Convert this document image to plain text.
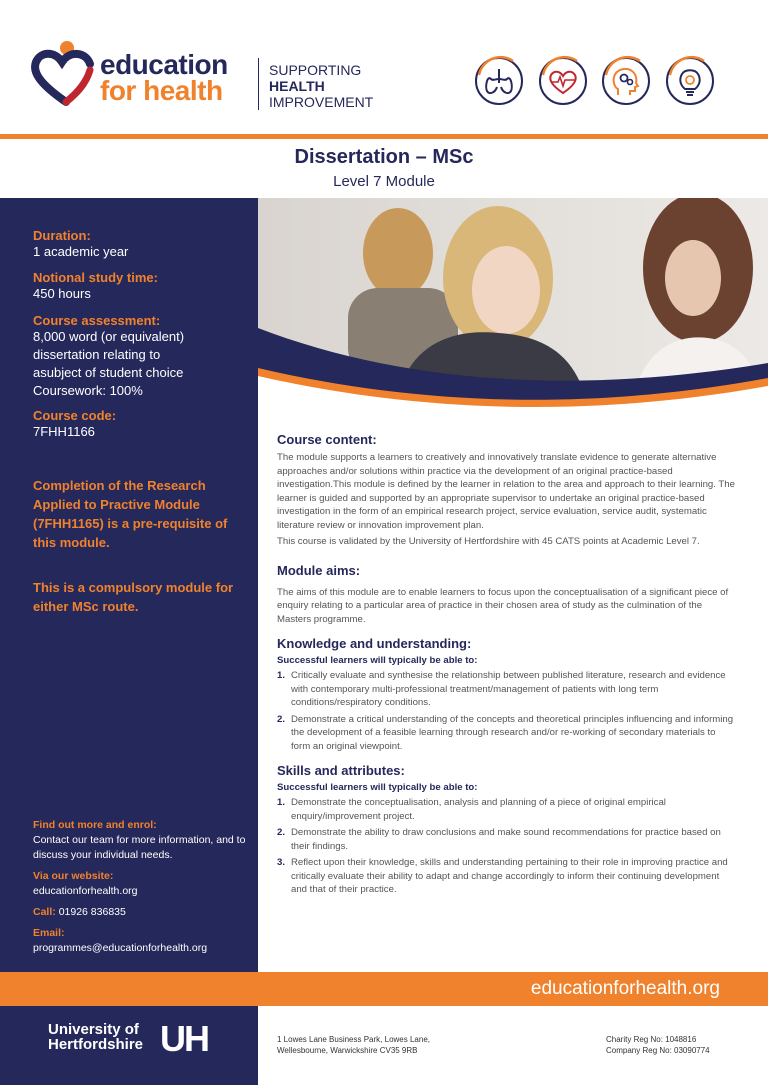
education
for health
SUPPORTING
HEALTH
IMPROVEMENT
Dissertation – MSc
Level 7 Module
Duration:
1 academic year
Notional study time:
450 hours
Course assessment:
8,000 word (or equivalent)
dissertation relating to
asubject of student choice
Coursework: 100%
Course code:
7FHH1166
Completion of the Research Applied to Practive Module (7FHH1165) is a pre-requisite of this module.
This is a compulsory module for either MSc route.
Find out more and enrol:
Contact our team for more information, and to discuss your individual needs.
Via our website:
educationforhealth.org
Call: 01926 836835
Email:
programmes@educationforhealth.org
Course content:

The module supports a learners to creatively and innovatively translate evidence to generate alternative approaches and/or solutions within practice via the development of an original practice-based investigation.This module is defined by the learner in relation to the area and approach to their learning. The learner is guided and supported by an appropriate supervisor to undertake an original practice-based investigation in the form of an empirical research project, service evaluation, service audit, systematic literature review or innovation improvement plan.

This course is validated by the University of Hertfordshire with 45 CATS points at Academic Level 7.

Module aims:

The aims of this module are to enable learners to focus upon the conceptualisation of a significant piece of enquiry relating to a particular area of practice in their chosen area of study as the culmination of the Masters programme.

Knowledge and understanding:
Successful learners will typically be able to:
1. Critically evaluate and synthesise the relationship between published literature, research and evidence with contemporary multi-professional treatment/management of patients with long term conditions/respiratory conditions.
2. Demonstrate a critical understanding of the concepts and theoretical principles influencing and informing the development of a feasible learning through research and/or re-working of secondary materials to form an original viewpoint.
Skills and attributes:
Successful learners will typically be able to:
1. Demonstrate the conceptualisation, analysis and planning of a piece of original empirical enquiry/improvement project.
2. Demonstrate the ability to draw conclusions and make sound recommendations for practice based on their findings.
3. Reflect upon their knowledge, skills and understanding pertaining to their role in improving practice and critically evaluate their ability to adapt and change accordingly to inform their continuing development and that of their practice.
educationforhealth.org
University of
Hertfordshire UH	1 Lowes Lane Business Park, Lowes Lane,
Wellesbourne, Warwickshire CV35 9RB
Charity Reg No: 1048816
Company Reg No: 03090774
